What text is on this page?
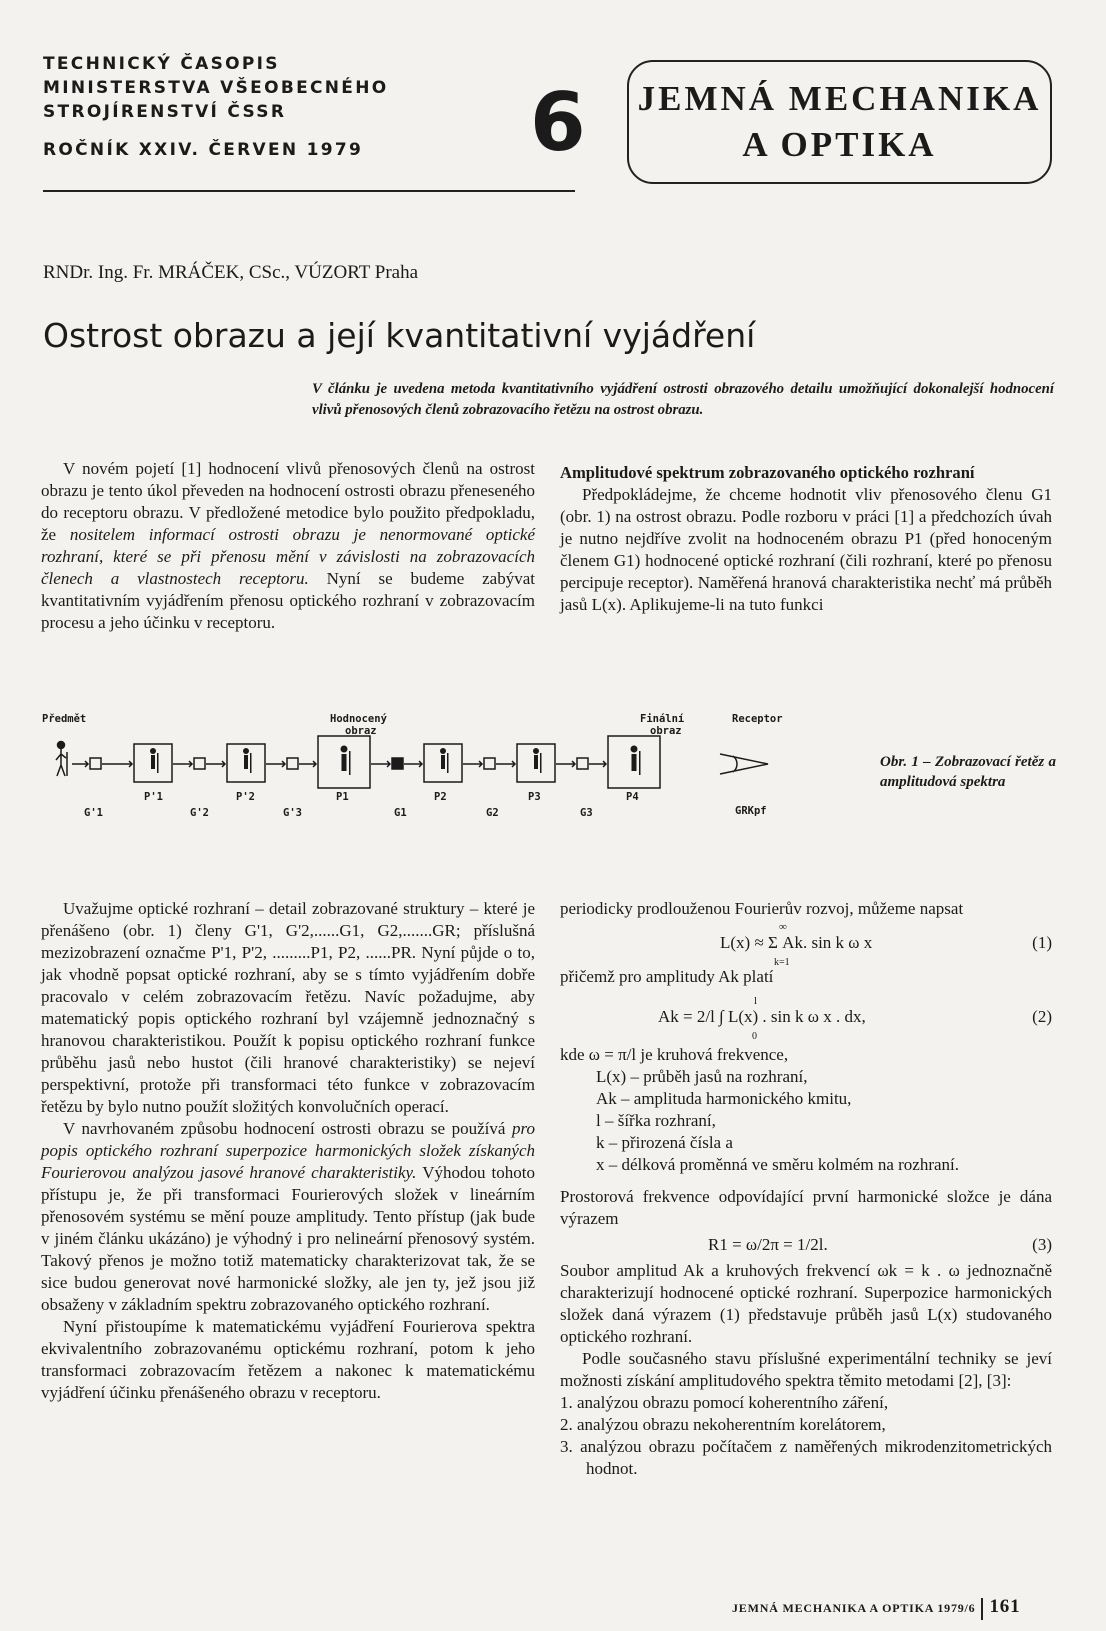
TECHNICKÝ ČASOPIS
MINISTERSTVA VŠEOBECNÉHO
STROJÍRENSTVÍ ČSSR
ROČNÍK XXIV. ČERVEN 1979	6 JEMNÁ MECHANIKA
A OPTIKA
RNDr. Ing. Fr. MRÁČEK, CSc., VÚZORT Praha
Ostrost obrazu a její kvantitativní vyjádření
V článku je uvedena metoda kvantitativního vyjádření ostrosti obrazového detailu umožňující dokonalejší hodnocení vlivů přenosových členů zobrazovacího řetězu na ostrost obrazu.

V novém pojetí [1] hodnocení vlivů přenosových členů na ostrost obrazu je tento úkol převeden na hodnocení ostrosti obrazu přeneseného do receptoru obrazu. V předložené metodice bylo použito předpokladu, že nositelem informací ostrosti obrazu je nenormované optické rozhraní, které se při přenosu mění v závislosti na zobrazovacích členech a vlastnostech receptoru. Nyní se budeme zabývat kvantitativním vyjádřením přenosu optického rozhraní v zobrazovacím procesu a jeho účinku v receptoru.

Amplitudové spektrum zobrazovaného optického rozhraní

Předpokládejme, že chceme hodnotit vliv přenosového členu G1 (obr. 1) na ostrost obrazu. Podle rozboru v práci [1] a předchozích úvah je nutno nejdříve zvolit na hodnoceném obrazu P1 (před honoceným členem G1) hodnocené optické rozhraní (čili rozhraní, které po přenosu percipuje receptor). Naměřená hranová charakteristika nechť má průběh jasů L(x). Aplikujeme-li na tuto funkci

Předmět	Hodnocený
obraz
Finální
obraz
Receptor
P'1	P'2	P1	P2	P3	P4
G'1	G'2	G'3	G1	G2	G3	GRKpf
Obr. 1 – Zobrazovací řetěz a amplitudová spektra

Uvažujme optické rozhraní – detail zobrazované struktury – které je přenášeno (obr. 1) členy G'1, G'2,......G1, G2,.......GR; příslušná mezizobrazení označme P'1, P'2, .........P1, P2, ......PR. Nyní půjde o to, jak vhodně popsat optické rozhraní, aby se s tímto vyjádřením dobře pracovalo v celém zobrazovacím řetězu. Navíc požadujme, aby matematický popis optického rozhraní byl vzájemně jednoznačný s hranovou charakteristikou. Použít k popisu optického rozhraní funkce průběhu jasů nebo hustot (čili hranové charakteristiky) se nejeví perspektivní, protože při transformaci této funkce v zobrazovacím řetězu by bylo nutno použít složitých konvolučních operací.

V navrhovaném způsobu hodnocení ostrosti obrazu se používá pro popis optického rozhraní superpozice harmonických složek získaných Fourierovou analýzou jasové hranové charakteristiky. Výhodou tohoto přístupu je, že při transformaci Fourierových složek v lineárním přenosovém systému se mění pouze amplitudy. Tento přístup (jak bude v jiném článku ukázáno) je výhodný i pro nelineární přenosový systém. Takový přenos je možno totiž matematicky charakterizovat tak, že se sice budou generovat nové harmonické složky, ale jen ty, jež jsou již obsaženy v základním spektru zobrazovaného optického rozhraní.

Nyní přistoupíme k matematickému vyjádření Fourierova spektra ekvivalentního zobrazovanému optickému rozhraní, potom k jeho transformaci zobrazovacím řetězem a nakonec k matematickému vyjádření účinku přenášeného obrazu v receptoru.

periodicky prodlouženou Fourierův rozvoj, můžeme napsat

L(x) ≈ Σ Ak. sin k ω x
∞
k=1
(1)

přičemž pro amplitudy Ak platí

Ak = 2/l ∫ L(x) . sin k ω x . dx,
l
0
(2)
kde ω = π/l je kruhová frekvence,
L(x) – průběh jasů na rozhraní,
Ak – amplituda harmonického kmitu,
l – šířka rozhraní,
k – přirozená čísla a
x – délková proměnná ve směru kolmém na rozhraní.

Prostorová frekvence odpovídající první harmonické složce je dána výrazem

R1 = ω/2π = 1/2l.	(3)

Soubor amplitud Ak a kruhových frekvencí ωk = k . ω jednoznačně charakterizují hodnocené optické rozhraní. Superpozice harmonických složek daná výrazem (1) představuje průběh jasů L(x) studovaného optického rozhraní.

Podle současného stavu příslušné experimentální techniky se jeví možnosti získání amplitudového spektra těmito metodami [2], [3]:

1. analýzou obrazu pomocí koherentního záření,
2. analýzou obrazu nekoherentním korelátorem,
3. analýzou obrazu počítačem z naměřených mikrodenzitometrických hodnot.
JEMNÁ MECHANIKA A OPTIKA 1979/6 161
